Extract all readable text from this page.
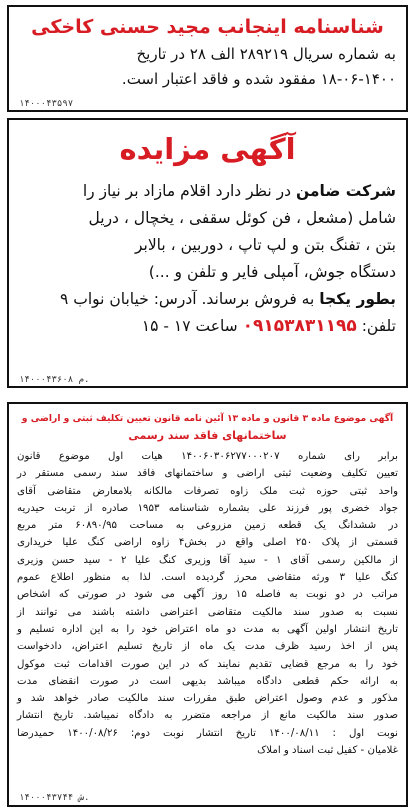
شناسنامه اینجانب مجید حسنی کاخکی
به شماره سریال ۲۸۹۲۱۹ الف ۲۸ در تاریخ
۱۸-۰۶-۱۴۰۰ مفقود شده و فاقد اعتبار است.
۱۴۰۰۰۴۳۵۹۷
آگهی مزایده
شرکت ضامن در نظر دارد اقلام مازاد بر نیاز را
شامل (مشعل ، فن کوئل سقفی ، یخچال ، دریل
بتن ، تفنگ بتن و لپ تاپ ، دوربین ، بالابر
دستگاه جوش، آمپلی فایر و تلفن و ...)
بطور یکجا به فروش برساند. آدرس: خیابان نواب ۹
تلفن: ۰۹۱۵۳۸۳۱۱۹۵ ساعت ۱۷ - ۱۵
۱۴۰۰۰۴۳۶۰۸ م.
آگهی موضوع ماده ۳ قانون و ماده ۱۳ آئین نامه قانون تعیین تکلیف ثبتی و اراضی و
ساختمانهای فاقد سند رسمی
برابر رای شماره ۱۴۰۰۶۰۳۰۶۲۷۷۰۰۰۲۰۷ هیات اول موضوع قانون
تعیین تکلیف وضعیت ثبتی اراضی و ساختمانهای فاقد سند رسمی مستقر در
واحد ثبتی حوزه ثبت ملک زاوه تصرفات مالکانه بلامعارض متقاضی آقای
جواد خضری پور فرزند علی بشماره شناسنامه ۱۹۵۳ صادره از تربت حیدریه
در ششدانگ یک قطعه زمین مزروعی به مساحت ۶۰۸۹۰/۹۵ متر مربع
قسمتی از پلاک ۲۵۰ اصلی واقع در بخش۴ زاوه اراضی کنگ علیا خریداری
از مالکین رسمی آقای ۱ - سید آقا وزیری کنگ علیا ۲ - سید حسن وزیری
کنگ علیا ۳ ورثه متقاضی محرز گردیده است. لذا به منظور اطلاع عموم
مراتب در دو نوبت به فاصله ۱۵ روز آگهی می شود در صورتی که اشخاص
نسبت به صدور سند مالکیت متقاضی اعتراضی داشته باشند می توانند از
تاریخ انتشار اولین آگهی به مدت دو ماه اعتراض خود را به این اداره تسلیم و
پس از اخذ رسید ظرف مدت یک ماه از تاریخ تسلیم اعتراض، دادخواست
خود را به مرجع قضایی تقدیم نمایند که در این صورت اقدامات ثبت موکول
به ارائه حکم قطعی دادگاه میباشد بدیهی است در صورت انقضای مدت
مذکور و عدم وصول اعتراض طبق مقررات سند مالکیت صادر خواهد شد و
صدور سند مالکیت مانع از مراجعه متضرر به دادگاه نمیباشد. تاریخ انتشار
نوبت اول : ۱۴۰۰/۰۸/۱۱ تاریخ انتشار نوبت دوم: ۱۴۰۰/۰۸/۲۶ حمیدرضا
غلامیان - کفیل ثبت اسناد و املاک
۱۴۰۰۰۴۳۷۴۴ ش.
